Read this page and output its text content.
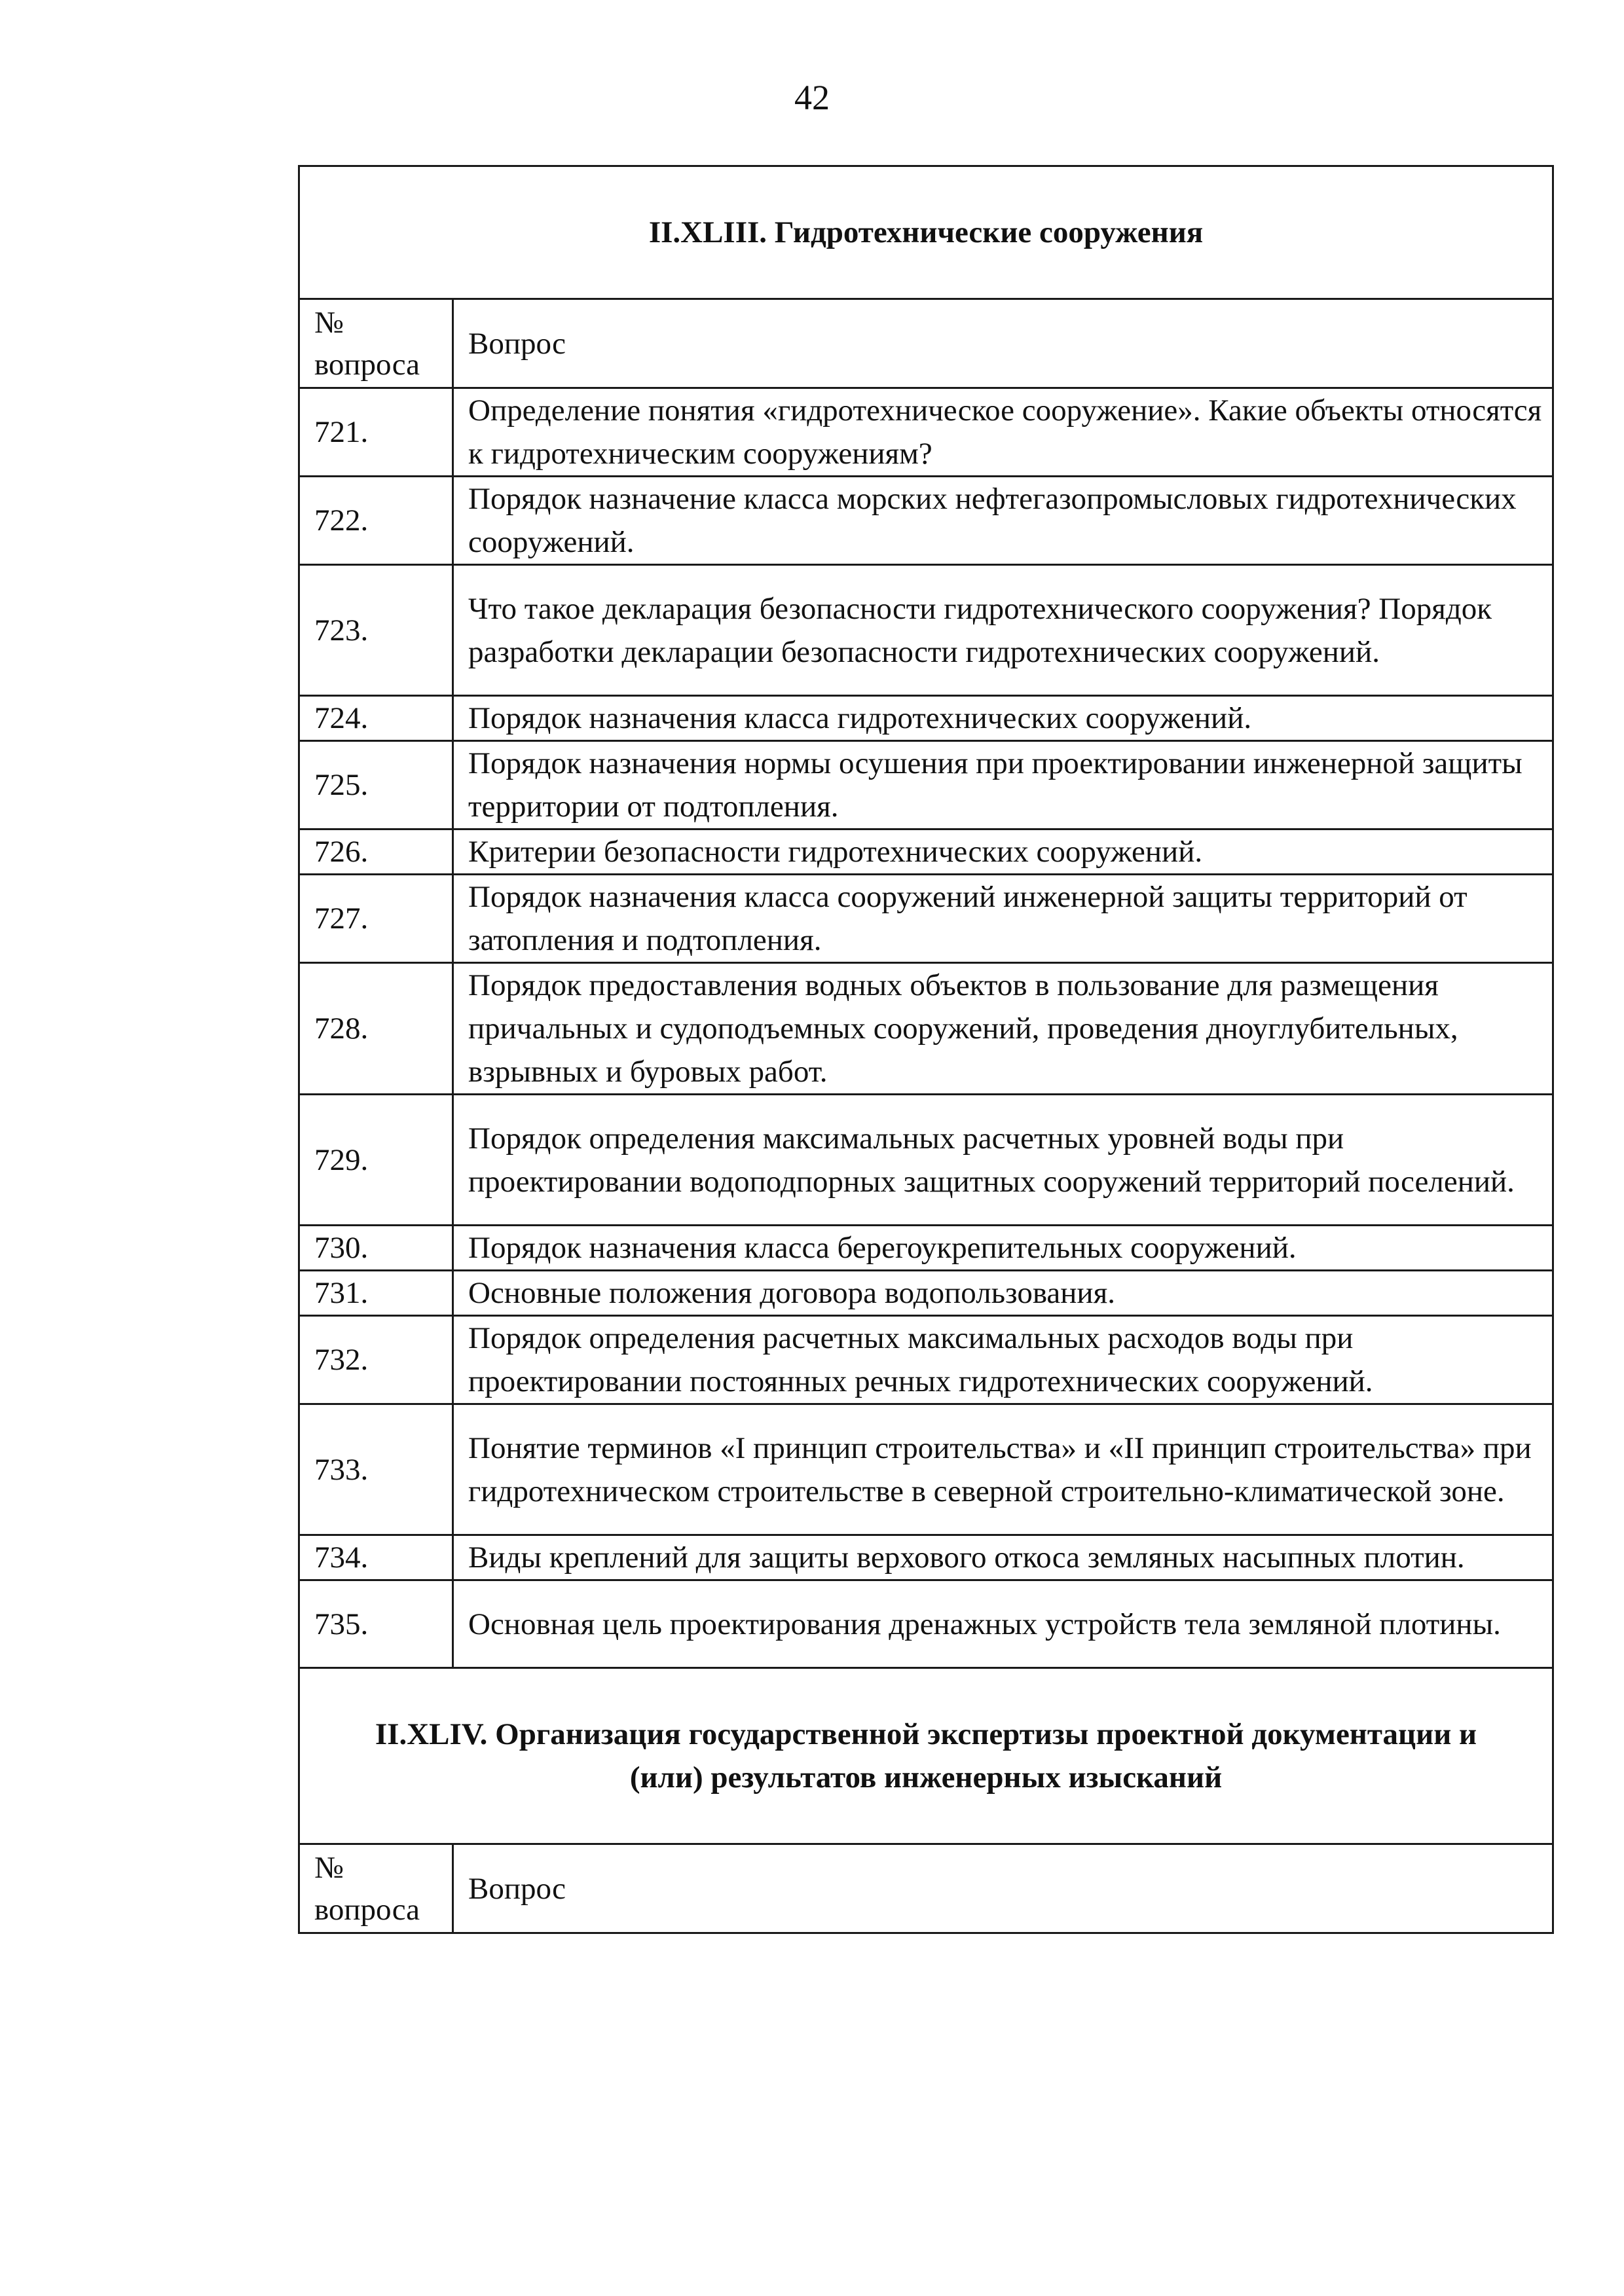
42
II.XLIII. Гидротехнические сооружения	

№
вопроса	Вопрос
721.	Определение понятия «гидротехническое сооружение». Какие объекты относятся к гидротехническим сооружениям?
722.	Порядок назначение класса морских нефтегазопромысловых гидротехнических сооружений.
723.	Что такое декларация безопасности гидротехнического сооружения? Порядок разработки декларации безопасности гидротехнических сооружений.
724.	Порядок назначения класса гидротехнических сооружений.
725.	Порядок назначения нормы осушения при проектировании инженерной защиты территории от подтопления.
726.	Критерии безопасности гидротехнических сооружений.
727.	Порядок назначения класса сооружений инженерной защиты территорий от затопления и подтопления.
728.	Порядок предоставления водных объектов в пользование для размещения причальных и судоподъемных сооружений, проведения дноуглубительных, взрывных и буровых работ.
729.	Порядок определения максимальных расчетных уровней воды при проектировании водоподпорных защитных сооружений территорий поселений.
730.	Порядок назначения класса берегоукрепительных сооружений.
731.	Основные положения договора водопользования.
732.	Порядок определения расчетных максимальных расходов воды при проектировании постоянных речных гидротехнических сооружений.
733.	Понятие терминов «I принцип строительства» и «II принцип строительства» при гидротехническом строительстве в северной строительно-климатической зоне.
734.	Виды креплений для защиты верхового откоса земляных насыпных плотин.
735.	Основная цель проектирования дренажных устройств тела земляной плотины.

II.XLIV. Организация государственной экспертизы проектной документации и
(или) результатов инженерных изысканий	

№
вопроса	Вопрос
